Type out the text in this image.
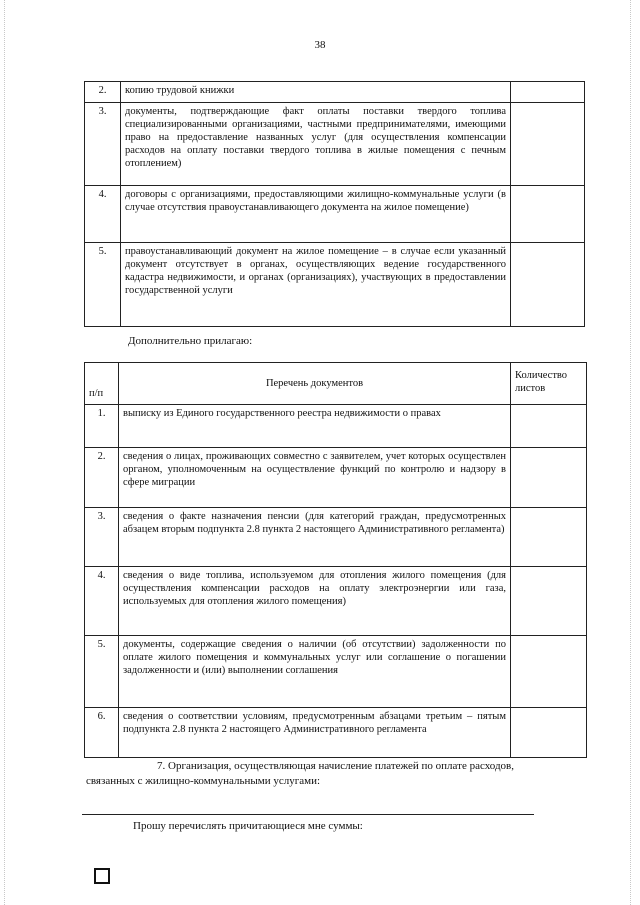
38
2.	копию трудовой книжки	
3.	документы, подтверждающие факт оплаты поставки твердого топлива специализированными организациями, частными предпринимателями, имеющими право на предоставление названных услуг (для осуществления компенсации расходов на оплату поставки твердого топлива в жилые помещения с печным отоплением)	
4.	договоры с организациями, предоставляющими жилищно-коммунальные услуги (в случае отсутствия правоустанавливающего документа на жилое помещение)	
5.	правоустанавливающий документ на жилое помещение – в случае если указанный документ отсутствует в органах, осуществляющих ведение государственного кадастра недвижимости, и органах (организациях), участвующих в предоставлении государственной услуги	
Дополнительно прилагаю:
п/п	Перечень документов	Количество листов
1.	выписку из Единого государственного реестра недвижимости о правах	
2.	сведения о лицах, проживающих совместно с заявителем, учет которых осуществлен органом, уполномоченным на осуществление функций по контролю и надзору в сфере миграции	
3.	сведения о факте назначения пенсии (для категорий граждан, предусмотренных абзацем вторым подпункта 2.8 пункта 2 настоящего Административного регламента)	
4.	сведения о виде топлива, используемом для отопления жилого помещения (для осуществления компенсации расходов на оплату электроэнергии или газа, используемых для отопления жилого помещения)	
5.	документы, содержащие сведения о наличии (об отсутствии) задолженности по оплате жилого помещения и коммунальных услуг или соглашение о погашении задолженности и (или) выполнении соглашения	
6.	сведения о соответствии условиям, предусмотренным абзацами третьим – пятым подпункта 2.8 пункта 2 настоящего Административного регламента	
7. Организация, осуществляющая начисление платежей по оплате расходов,
связанных с жилищно-коммунальными услугами:
Прошу перечислять причитающиеся мне суммы:
